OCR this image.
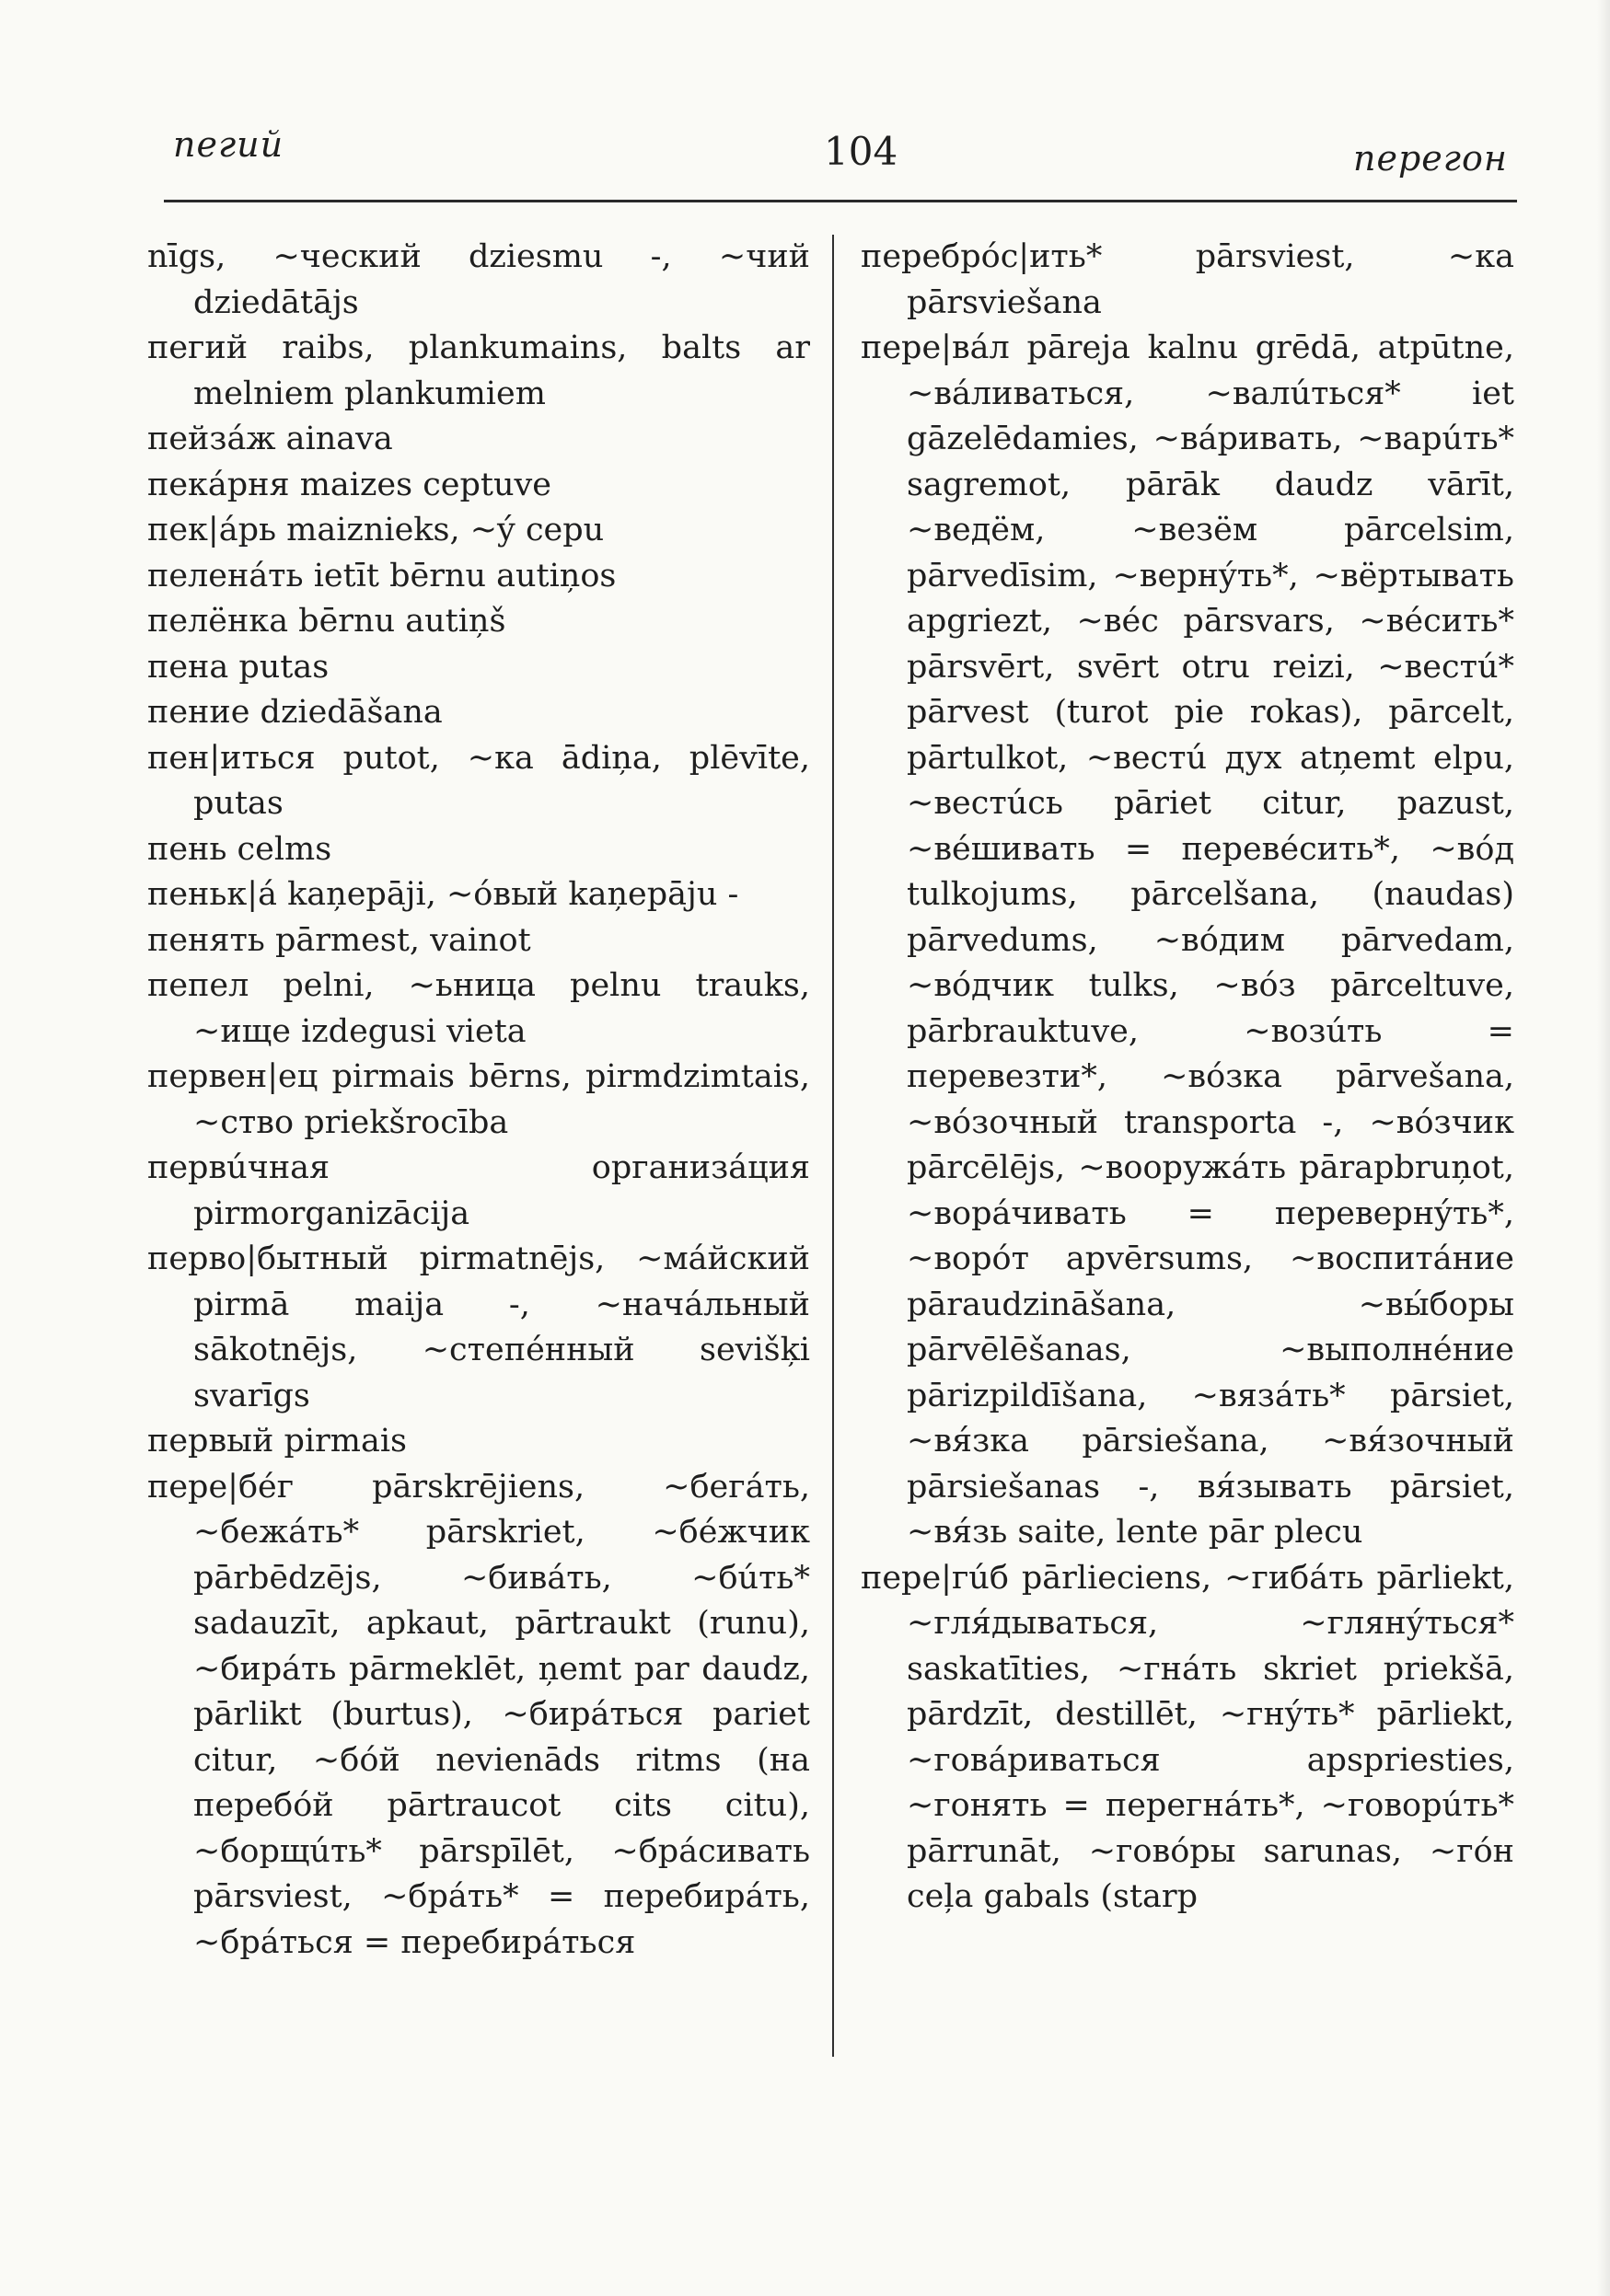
пегий	104	перегон

nīgs, ~ческий dziesmu -, ~чий dziedātājs

пегий raibs, plankumains, balts ar melniem plankumiem

пейзáж ainava

пекáрня maizes ceptuve

пек|áрь maiznieks, ~ý cepu

пеленáть ietīt bērnu autiņos

пелёнка bērnu autiņš

пена putas

пение dziedāšana

пен|иться putot, ~ка ādiņa, plēvīte, putas

пень celms

пеньк|á kaņepāji, ~óвый kaņepāju -

пенять pārmest, vainot

пепел pelni, ~ьница pelnu trauks, ~ище izdegusi vieta

первен|ец pirmais bērns, pirmdzimtais, ~ство priekšrocība

первúчная организáция pirmorganizācija

перво|бытный pirmatnējs, ~мáйский pirmā maija -, ~начáльный sākotnējs, ~степéнный sevišķi svarīgs

первый pirmais

пере|бéг pārskrējiens, ~бегáть, ~бежáть* pārskriet, ~бéжчик pārbēdzējs, ~бивáть, ~бúть* sadauzīt, apkaut, pārtraukt (runu), ~бирáть pārmeklēt, ņemt par daudz, pārlikt (burtus), ~бирáться pariet citur, ~бóй nevienāds ritms (на перебóй pārtraucot cits citu), ~борщúть* pārspīlēt, ~брáсивать pārsviest, ~брáть* = перебирáть, ~брáться = перебирáться

перебрóс|ить* pārsviest, ~ка pārsviešana

пере|вáл pāreja kalnu grēdā, atpūtne, ~вáливаться, ~валúться* iet gāzelēdamies, ~вáривать, ~варúть* sagremot, pārāk daudz vārīt, ~ведём, ~везём pārcelsim, pārvedīsim, ~вернýть*, ~вёртывать apgriezt, ~вéс pārsvars, ~вéсить* pārsvērt, svērt otru reizi, ~вестú* pārvest (turot pie rokas), pārcelt, pārtulkot, ~вестú дух atņemt elpu, ~вестúсь pāriet citur, pazust, ~вéшивать = перевéсить*, ~вóд tulkojums, pārcelšana, (naudas) pārvedums, ~вóдим pārvedam, ~вóдчик tulks, ~вóз pārceltuve, pārbrauktuve, ~возúть = перевезти*, ~вóзка pārvešana, ~вóзочный transporta -, ~вóзчик pārcēlējs, ~вооружáть pārapbruņot, ~ворáчивать = перевернýть*, ~ворóт apvērsums, ~воспитáние pāraudzināšana, ~вы́боры pārvēlēšanas, ~выполнéние pārizpildīšana, ~вязáть* pārsiet, ~вя́зка pārsiešana, ~вя́зочный pārsiešanas -, вя́зывать pārsiet, ~вя́зь saite, lente pār plecu

пере|гúб pārlieciens, ~гибáть pārliekt, ~гля́дываться, ~глянýться* saskatīties, ~гнáть skriet priekšā, pārdzīt, destillēt, ~гнýть* pārliekt, ~говáриваться apspriesties, ~гонять = перегнáть*, ~говорúть* pārrunāt, ~говóры sarunas, ~гóн ceļa gabals (starp
